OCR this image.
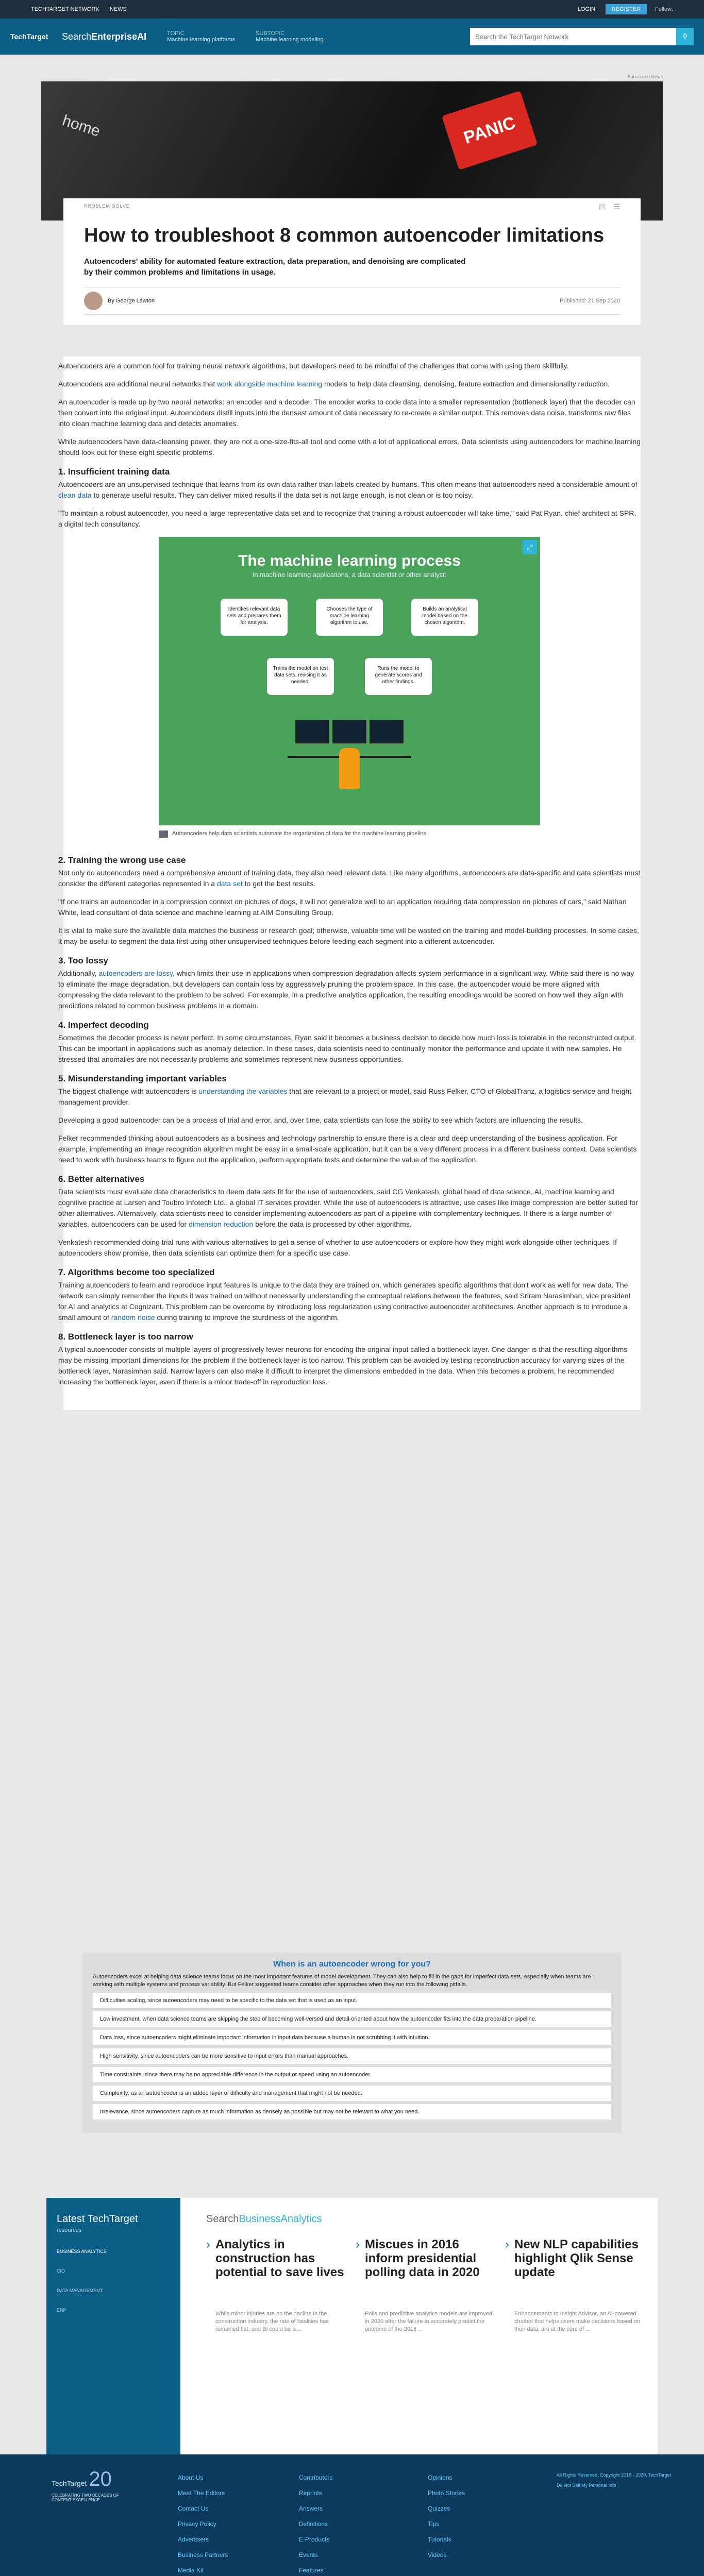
TECHTARGET NETWORK NEWS	LOGIN	REGISTER	Follow:
TechTarget	SearchEnterpriseAI	TOPIC
Machine learning platforms
SUBTOPIC
Machine learning modeling
Search the TechTarget Network	⚲
Sponsored News
home	PANIC
PROBLEM SOLVE	▤ ☰
How to troubleshoot 8 common autoencoder limitations
Autoencoders' ability for automated feature extraction, data preparation, and denoising are complicated by their common problems and limitations in usage.
By George Lawton	Published: 21 Sep 2020

Autoencoders are a common tool for training neural network algorithms, but developers need to be mindful of the challenges that come with using them skillfully.

Autoencoders are additional neural networks that work alongside machine learning models to help data cleansing, denoising, feature extraction and dimensionality reduction.

An autoencoder is made up by two neural networks: an encoder and a decoder. The encoder works to code data into a smaller representation (bottleneck layer) that the decoder can then convert into the original input. Autoencoders distill inputs into the densest amount of data necessary to re-create a similar output. This removes data noise, transforms raw files into clean machine learning data and detects anomalies.

While autoencoders have data-cleansing power, they are not a one-size-fits-all tool and come with a lot of applicational errors. Data scientists using autoencoders for machine learning should look out for these eight specific problems.

1. Insufficient training data

Autoencoders are an unsupervised technique that learns from its own data rather than labels created by humans. This often means that autoencoders need a considerable amount of clean data to generate useful results. They can deliver mixed results if the data set is not large enough, is not clean or is too noisy.

"To maintain a robust autoencoder, you need a large representative data set and to recognize that training a robust autoencoder will take time," said Pat Ryan, chief architect at SPR, a digital tech consultancy.

⤢
The machine learning process
In machine learning applications, a data scientist or other analyst:
Identifies relevant data sets and prepares them for analysis.
Chooses the type of machine learning algorithm to use.
Builds an analytical model based on the chosen algorithm.
Trains the model on test data sets, revising it as needed.
Runs the model to generate scores and other findings.
Autoencoders help data scientists automate the organization of data for the machine learning pipeline.
2. Training the wrong use case

Not only do autoencoders need a comprehensive amount of training data, they also need relevant data. Like many algorithms, autoencoders are data-specific and data scientists must consider the different categories represented in a data set to get the best results.

"If one trains an autoencoder in a compression context on pictures of dogs, it will not generalize well to an application requiring data compression on pictures of cars," said Nathan White, lead consultant of data science and machine learning at AIM Consulting Group.

It is vital to make sure the available data matches the business or research goal; otherwise, valuable time will be wasted on the training and model-building processes. In some cases, it may be useful to segment the data first using other unsupervised techniques before feeding each segment into a different autoencoder.

3. Too lossy

Additionally, autoencoders are lossy, which limits their use in applications when compression degradation affects system performance in a significant way. White said there is no way to eliminate the image degradation, but developers can contain loss by aggressively pruning the problem space. In this case, the autoencoder would be more aligned with compressing the data relevant to the problem to be solved. For example, in a predictive analytics application, the resulting encodings would be scored on how well they align with predictions related to common business problems in a domain.

4. Imperfect decoding

Sometimes the decoder process is never perfect. In some circumstances, Ryan said it becomes a business decision to decide how much loss is tolerable in the reconstructed output. This can be important in applications such as anomaly detection. In these cases, data scientists need to continually monitor the performance and update it with new samples. He stressed that anomalies are not necessarily problems and sometimes represent new business opportunities.

5. Misunderstanding important variables

The biggest challenge with autoencoders is understanding the variables that are relevant to a project or model, said Russ Felker, CTO of GlobalTranz, a logistics service and freight management provider.

Developing a good autoencoder can be a process of trial and error, and, over time, data scientists can lose the ability to see which factors are influencing the results.

Felker recommended thinking about autoencoders as a business and technology partnership to ensure there is a clear and deep understanding of the business application. For example, implementing an image recognition algorithm might be easy in a small-scale application, but it can be a very different process in a different business context. Data scientists need to work with business teams to figure out the application, perform appropriate tests and determine the value of the application.

6. Better alternatives

Data scientists must evaluate data characteristics to deem data sets fit for the use of autoencoders, said CG Venkatesh, global head of data science, AI, machine learning and cognitive practice at Larsen and Toubro Infotech Ltd., a global IT services provider. While the use of autoencoders is attractive, use cases like image compression are better suited for other alternatives. Alternatively, data scientists need to consider implementing autoencoders as part of a pipeline with complementary techniques. If there is a large number of variables, autoencoders can be used for dimension reduction before the data is processed by other algorithms.

Venkatesh recommended doing trial runs with various alternatives to get a sense of whether to use autoencoders or explore how they might work alongside other techniques. If autoencoders show promise, then data scientists can optimize them for a specific use case.

7. Algorithms become too specialized

Training autoencoders to learn and reproduce input features is unique to the data they are trained on, which generates specific algorithms that don't work as well for new data. The network can simply remember the inputs it was trained on without necessarily understanding the conceptual relations between the features, said Sriram Narasimhan, vice president for AI and analytics at Cognizant. This problem can be overcome by introducing loss regularization using contractive autoencoder architectures. Another approach is to introduce a small amount of random noise during training to improve the sturdiness of the algorithm.

8. Bottleneck layer is too narrow

A typical autoencoder consists of multiple layers of progressively fewer neurons for encoding the original input called a bottleneck layer. One danger is that the resulting algorithms may be missing important dimensions for the problem if the bottleneck layer is too narrow. This problem can be avoided by testing reconstruction accuracy for varying sizes of the bottleneck layer, Narasimhan said. Narrow layers can also make it difficult to interpret the dimensions embedded in the data. When this becomes a problem, he recommended increasing the bottleneck layer, even if there is a minor trade-off in reproduction loss.

When is an autoencoder wrong for you?
Autoencoders excel at helping data science teams focus on the most important features of model development. They can also help to fill in the gaps for imperfect data sets, especially when teams are working with multiple systems and process variability. But Felker suggested teams consider other approaches when they run into the following pitfalls.
Difficulties scaling, since autoencoders may need to be specific to the data set that is used as an input.
Low investment, when data science teams are skipping the step of becoming well-versed and detail-oriented about how the autoencoder fits into the data preparation pipeline.
Data loss, since autoencoders might eliminate important information in input data because a human is not scrubbing it with intuition.
High sensitivity, since autoencoders can be more sensitive to input errors than manual approaches.
Time constraints, since there may be no appreciable difference in the output or speed using an autoencoder.
Complexity, as an autoencoder is an added layer of difficulty and management that might not be needed.
Irrelevance, since autoencoders capture as much information as densely as possible but may not be relevant to what you need.
Latest TechTarget
resources
BUSINESS ANALYTICS
CIO
DATA MANAGEMENT
ERP
SearchBusinessAnalytics
› Analytics in construction has potential to save lives

While minor injuries are on the decline in the construction industry, the rate of fatalities has remained flat, and BI could be a ...

› Miscues in 2016 inform presidential polling data in 2020

Polls and predictive analytics models are improved in 2020 after the failure to accurately predict the outcome of the 2016 ...

› New NLP capabilities highlight Qlik Sense update

Enhancements to Insight Advisor, an AI-powered chatbot that helps users make decisions based on their data, are at the core of ...

TechTarget 20
CELEBRATING TWO DECADES OF CONTENT EXCELLENCE
About Us
Meet The Editors
Contact Us
Privacy Policy
Advertisers
Business Partners
Media Kit
Contributors
Reprints
Answers
Definitions
E-Products
Events
Features
Opinions
Photo Stories
Quizzes
Tips
Tutorials
Videos
All Rights Reserved, Copyright 2018 - 2020, TechTarget
Do Not Sell My Personal Info
